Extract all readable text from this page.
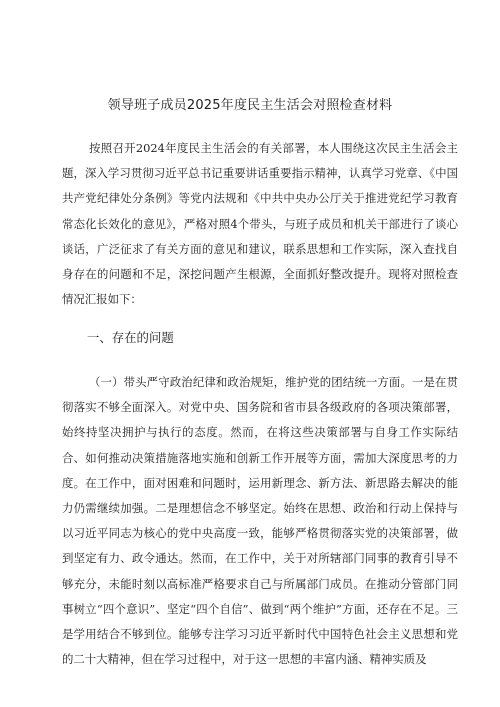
领导班子成员2025年度民主生活会对照检查材料

按照召开2024年度民主生活会的有关部署，本人围绕这次民主生活会主题，深入学习贯彻习近平总书记重要讲话重要指示精神，认真学习党章、《中国共产党纪律处分条例》等党内法规和《中共中央办公厅关于推进党纪学习教育常态化长效化的意见》，严格对照4个带头，与班子成员和机关干部进行了谈心谈话，广泛征求了有关方面的意见和建议，联系思想和工作实际，深入查找自身存在的问题和不足，深挖问题产生根源，全面抓好整改提升。现将对照检查情况汇报如下：

一、存在的问题

（一）带头严守政治纪律和政治规矩，维护党的团结统一方面。一是在贯彻落实不够全面深入。对党中央、国务院和省市县各级政府的各项决策部署，始终持坚决拥护与执行的态度。然而，在将这些决策部署与自身工作实际结合、如何推动决策措施落地实施和创新工作开展等方面，需加大深度思考的力度。在工作中，面对困难和问题时，运用新理念、新方法、新思路去解决的能力仍需继续加强。二是理想信念不够坚定。始终在思想、政治和行动上保持与以习近平同志为核心的党中央高度一致，能够严格贯彻落实党的决策部署，做到坚定有力、政令通达。然而，在工作中，关于对所辖部门同事的教育引导不够充分，未能时刻以高标准严格要求自己与所属部门成员。在推动分管部门同事树立“四个意识”、坚定“四个自信”、做到“两个维护”方面，还存在不足。三是学用结合不够到位。能够专注学习习近平新时代中国特色社会主义思想和党的二十大精神，但在学习过程中，对于这一思想的丰富内涵、精神实质及
